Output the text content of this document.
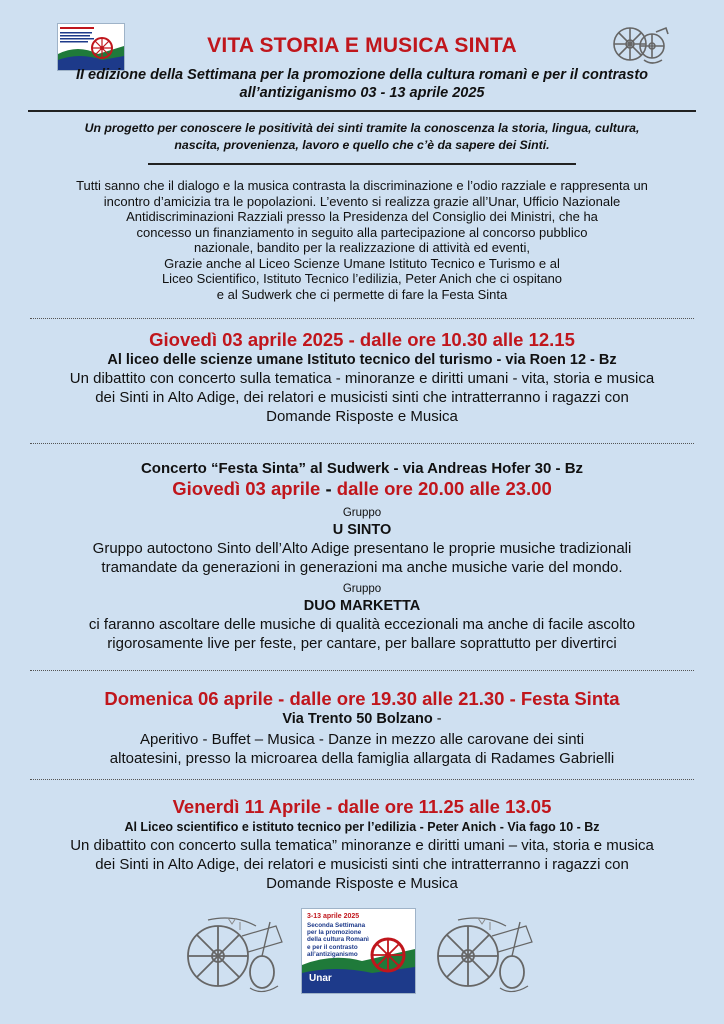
VITA STORIA E MUSICA SINTA
II edizione della Settimana per la promozione della cultura romanì e per il contrasto
all’antiziganismo 03 - 13 aprile 2025
Un progetto per conoscere le positività dei sinti tramite la conoscenza la storia, lingua, cultura,
nascita, provenienza, lavoro e quello che c’è da sapere dei Sinti.
Tutti sanno che il dialogo e la musica contrasta la discriminazione e l’odio razziale e rappresenta un
incontro d’amicizia tra le popolazioni. L’evento si realizza grazie all’Unar, Ufficio Nazionale
Antidiscriminazioni Razziali presso la Presidenza del Consiglio dei Ministri, che ha
concesso un finanziamento in seguito alla partecipazione al concorso pubblico
nazionale, bandito per la realizzazione di attività ed eventi,
Grazie anche al Liceo Scienze Umane Istituto Tecnico e Turismo e al
Liceo Scientifico, Istituto Tecnico l’edilizia, Peter Anich che ci ospitano
e al Sudwerk che ci permette di fare la Festa Sinta
Giovedì 03 aprile 2025 - dalle ore 10.30 alle 12.15
Al liceo delle scienze umane Istituto tecnico del turismo - via Roen 12 - Bz
Un dibattito con concerto sulla tematica - minoranze e diritti umani - vita, storia e musica
dei Sinti in Alto Adige, dei relatori e musicisti sinti che intratterranno i ragazzi con
Domande Risposte e Musica
Concerto “Festa Sinta” al Sudwerk - via Andreas Hofer 30 - Bz
Giovedì 03 aprile - dalle ore 20.00 alle 23.00
Gruppo
U SINTO
Gruppo autoctono Sinto dell’Alto Adige presentano le proprie musiche tradizionali
tramandate da generazioni in generazioni ma anche musiche varie del mondo.
Gruppo
DUO MARKETTA
ci faranno ascoltare delle musiche di qualità eccezionali ma anche di facile ascolto
rigorosamente live per feste, per cantare, per ballare soprattutto per divertirci
Domenica 06 aprile - dalle ore 19.30 alle 21.30 - Festa Sinta
Via Trento 50 Bolzano -
Aperitivo - Buffet – Musica - Danze in mezzo alle carovane dei sinti
altoatesini, presso la microarea della famiglia allargata di Radames Gabrielli
Venerdì 11 Aprile - dalle ore 11.25 alle 13.05
Al Liceo scientifico e istituto tecnico per l’edilizia - Peter Anich - Via fago 10 - Bz
Un dibattito con concerto sulla tematica” minoranze e diritti umani – vita, storia e musica
dei Sinti in Alto Adige, dei relatori e musicisti sinti che intratterranno i ragazzi con
Domande Risposte e Musica
3-13 aprile 2025
Seconda Settimana
per la promozione
della cultura Romanì
e per il contrasto
all’antiziganismo
Unar
